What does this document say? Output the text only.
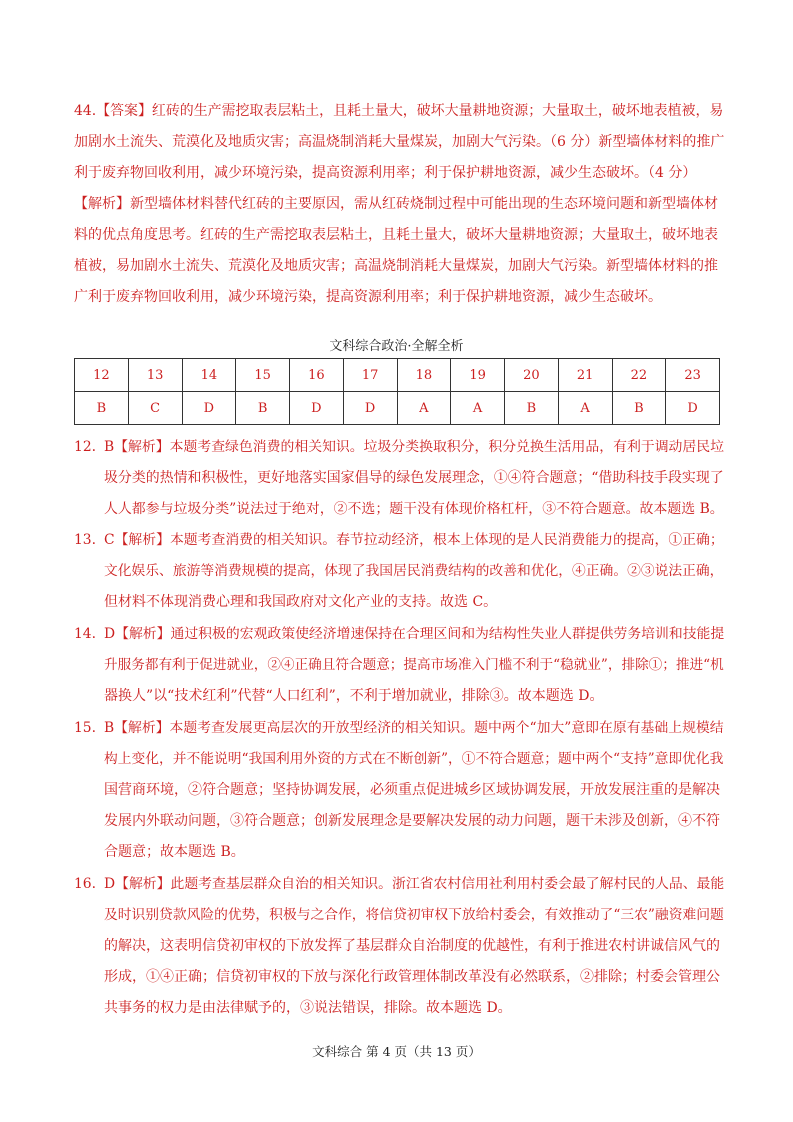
44.【答案】红砖的生产需挖取表层粘土，且耗土量大，破坏大量耕地资源；大量取土，破坏地表植被，易
加剧水土流失、荒漠化及地质灾害；高温烧制消耗大量煤炭，加剧大气污染。（6 分）新型墙体材料的推广
利于废弃物回收利用，减少环境污染，提高资源利用率；利于保护耕地资源，减少生态破坏。（4 分）
【解析】新型墙体材料替代红砖的主要原因，需从红砖烧制过程中可能出现的生态环境问题和新型墙体材
料的优点角度思考。红砖的生产需挖取表层粘土，且耗土量大，破坏大量耕地资源；大量取土，破坏地表
植被，易加剧水土流失、荒漠化及地质灾害；高温烧制消耗大量煤炭，加剧大气污染。新型墙体材料的推
广利于废弃物回收利用，减少环境污染，提高资源利用率；利于保护耕地资源，减少生态破坏。
文科综合政治·全解全析
12	13	14	15	16	17	18	19	20	21	22	23
B	C	D	B	D	D	A	A	B	A	B	D
12. B【解析】本题考查绿色消费的相关知识。垃圾分类换取积分，积分兑换生活用品，有利于调动居民垃
圾分类的热情和积极性，更好地落实国家倡导的绿色发展理念，①④符合题意；“借助科技手段实现了
人人都参与垃圾分类”说法过于绝对，②不选；题干没有体现价格杠杆，③不符合题意。故本题选 B。
13. C【解析】本题考查消费的相关知识。春节拉动经济，根本上体现的是人民消费能力的提高，①正确；
文化娱乐、旅游等消费规模的提高，体现了我国居民消费结构的改善和优化，④正确。②③说法正确，
但材料不体现消费心理和我国政府对文化产业的支持。故选 C。
14. D【解析】通过积极的宏观政策使经济增速保持在合理区间和为结构性失业人群提供劳务培训和技能提
升服务都有利于促进就业，②④正确且符合题意；提高市场准入门槛不利于“稳就业”，排除①；推进“机
器换人”以“技术红利”代替“人口红利”，不利于增加就业，排除③。故本题选 D。
15. B【解析】本题考查发展更高层次的开放型经济的相关知识。题中两个“加大”意即在原有基础上规模结
构上变化，并不能说明“我国利用外资的方式在不断创新”，①不符合题意；题中两个“支持”意即优化我
国营商环境，②符合题意；坚持协调发展，必须重点促进城乡区域协调发展，开放发展注重的是解决
发展内外联动问题，③符合题意；创新发展理念是要解决发展的动力问题，题干未涉及创新，④不符
合题意；故本题选 B。
16. D【解析】此题考查基层群众自治的相关知识。浙江省农村信用社利用村委会最了解村民的人品、最能
及时识别贷款风险的优势，积极与之合作，将信贷初审权下放给村委会，有效推动了“三农”融资难问题
的解决，这表明信贷初审权的下放发挥了基层群众自治制度的优越性，有利于推进农村讲诚信风气的
形成，①④正确；信贷初审权的下放与深化行政管理体制改革没有必然联系，②排除；村委会管理公
共事务的权力是由法律赋予的，③说法错误，排除。故本题选 D。
文科综合 第 4 页（共 13 页）
